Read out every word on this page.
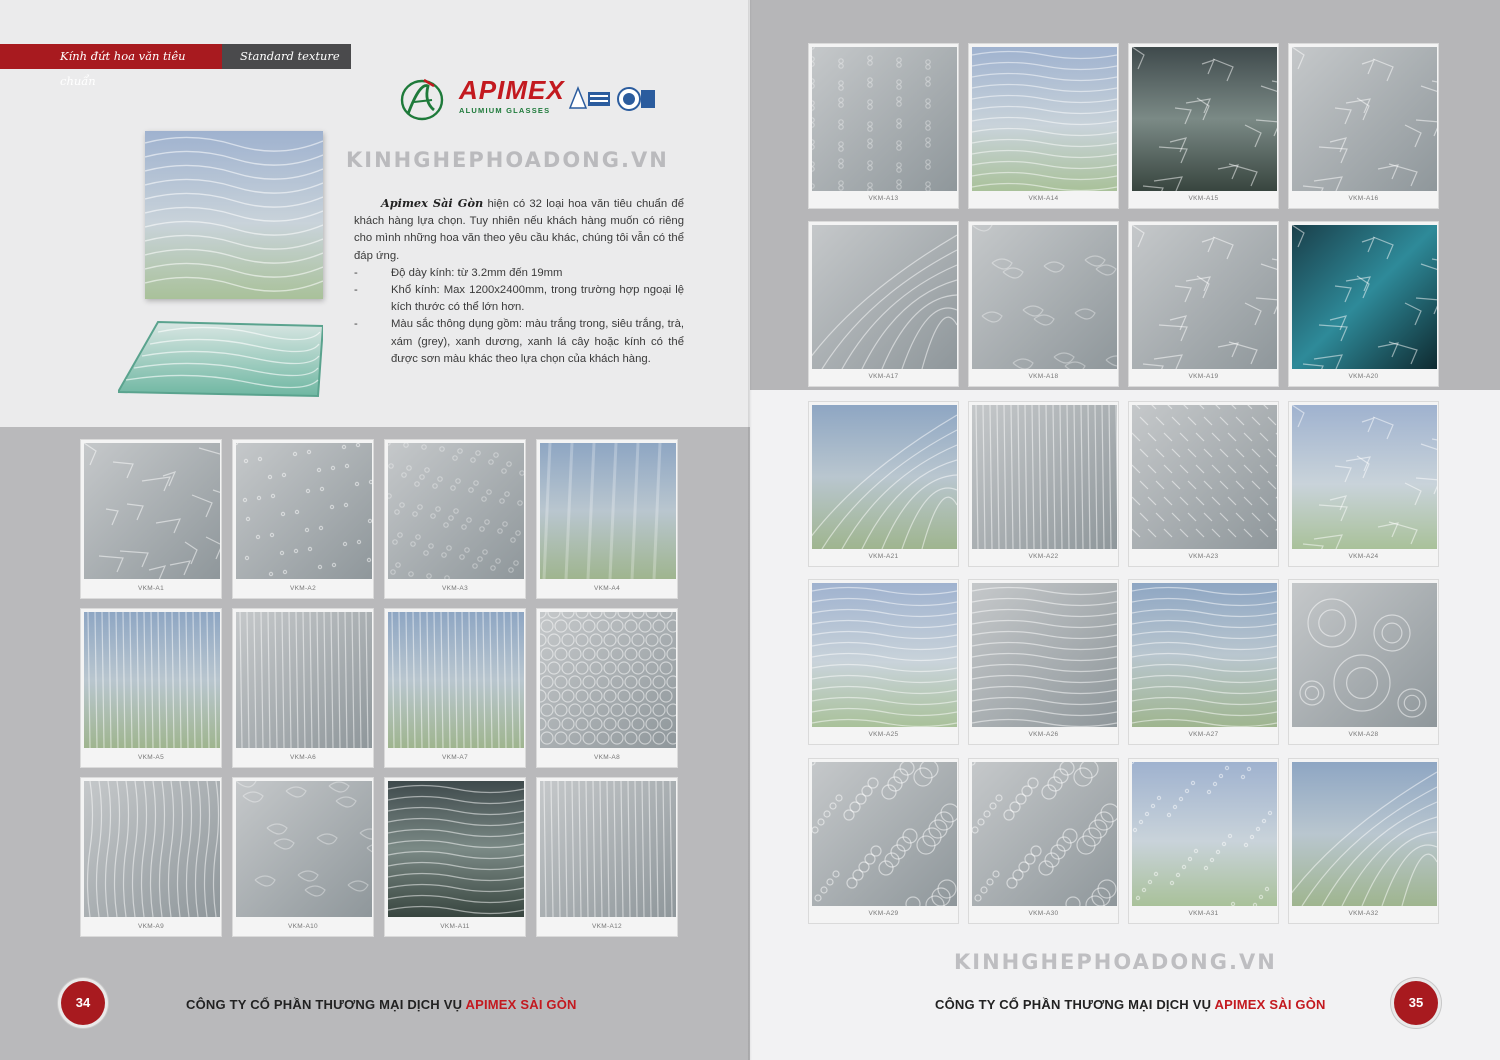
Kính đứt hoa văn tiêu chuẩn
Standard texture
APIMEX
ALUMIUM GLASSES
KINHGHEPHOADONG.VN
KINHGHEPHOADONG.VN

Apimex Sài Gòn hiện có 32 loại hoa văn tiêu chuẩn để khách hàng lựa chọn. Tuy nhiên nếu khách hàng muốn có riêng cho mình những hoa văn theo yêu cầu khác, chúng tôi vẫn có thể đáp ứng.

-	Độ dày kính: từ 3.2mm đến 19mm
-	Khổ kính: Max 1200x2400mm, trong trường hợp ngoại lệ kích thước có thể lớn hơn.
-	Màu sắc thông dụng gồm: màu trắng trong, siêu trắng, trà, xám (grey), xanh dương, xanh lá cây hoặc kính có thể được sơn màu khác theo lựa chọn của khách hàng.
VKM-A1	VKM-A2	VKM-A3	VKM-A4
VKM-A5	VKM-A6	VKM-A7	VKM-A8
VKM-A9	VKM-A10	VKM-A11	VKM-A12
VKM-A13	VKM-A14	VKM-A15	VKM-A16
VKM-A17	VKM-A18	VKM-A19	VKM-A20
VKM-A21	VKM-A22	VKM-A23	VKM-A24
VKM-A25	VKM-A26	VKM-A27	VKM-A28
VKM-A29	VKM-A30	VKM-A31	VKM-A32
34	35
CÔNG TY CỔ PHẦN THƯƠNG MẠI DỊCH VỤ APIMEX SÀI GÒN	CÔNG TY CỔ PHẦN THƯƠNG MẠI DỊCH VỤ APIMEX SÀI GÒN
